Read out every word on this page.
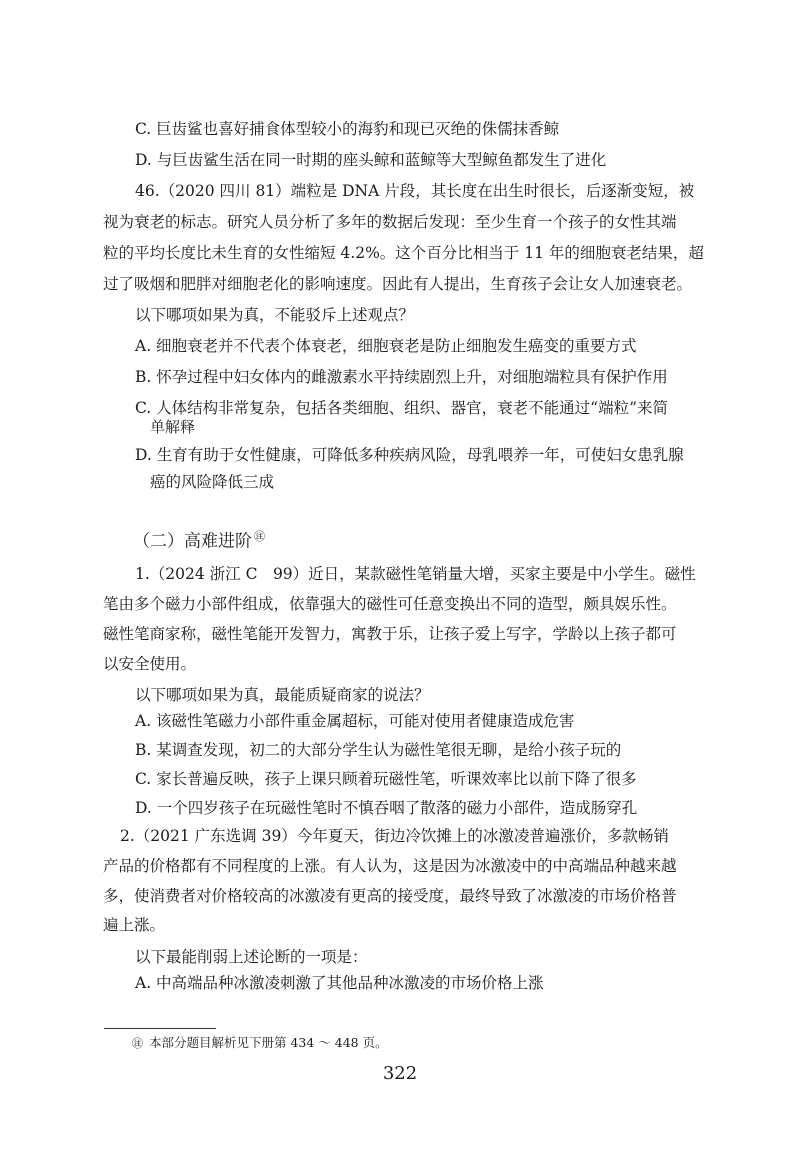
C. 巨齿鲨也喜好捕食体型较小的海豹和现已灭绝的侏儒抹香鲸
D. 与巨齿鲨生活在同一时期的座头鲸和蓝鲸等大型鲸鱼都发生了进化
46.（2020 四川 81）端粒是 DNA 片段，其长度在出生时很长，后逐渐变短，被
视为衰老的标志。研究人员分析了多年的数据后发现：至少生育一个孩子的女性其端
粒的平均长度比未生育的女性缩短 4.2%。这个百分比相当于 11 年的细胞衰老结果，超
过了吸烟和肥胖对细胞老化的影响速度。因此有人提出，生育孩子会让女人加速衰老。
以下哪项如果为真，不能驳斥上述观点？
A. 细胞衰老并不代表个体衰老，细胞衰老是防止细胞发生癌变的重要方式
B. 怀孕过程中妇女体内的雌激素水平持续剧烈上升，对细胞端粒具有保护作用
C. 人体结构非常复杂，包括各类细胞、组织、器官，衰老不能通过“端粒”来简
单解释
D. 生育有助于女性健康，可降低多种疾病风险，母乳喂养一年，可使妇女患乳腺
癌的风险降低三成
（二）高难进阶 ㊟
1.（2024 浙江 C　99）近日，某款磁性笔销量大增，买家主要是中小学生。磁性
笔由多个磁力小部件组成，依靠强大的磁性可任意变换出不同的造型，颇具娱乐性。
磁性笔商家称，磁性笔能开发智力，寓教于乐，让孩子爱上写字，学龄以上孩子都可
以安全使用。
以下哪项如果为真，最能质疑商家的说法？
A. 该磁性笔磁力小部件重金属超标，可能对使用者健康造成危害
B. 某调查发现，初二的大部分学生认为磁性笔很无聊，是给小孩子玩的
C. 家长普遍反映，孩子上课只顾着玩磁性笔，听课效率比以前下降了很多
D. 一个四岁孩子在玩磁性笔时不慎吞咽了散落的磁力小部件，造成肠穿孔
2.（2021 广东选调 39）今年夏天，街边冷饮摊上的冰激凌普遍涨价，多款畅销
产品的价格都有不同程度的上涨。有人认为，这是因为冰激凌中的中高端品种越来越
多，使消费者对价格较高的冰激凌有更高的接受度，最终导致了冰激凌的市场价格普
遍上涨。
以下最能削弱上述论断的一项是：
A. 中高端品种冰激凌刺激了其他品种冰激凌的市场价格上涨
㊟ 本部分题目解析见下册第 434 ～ 448 页。
322
